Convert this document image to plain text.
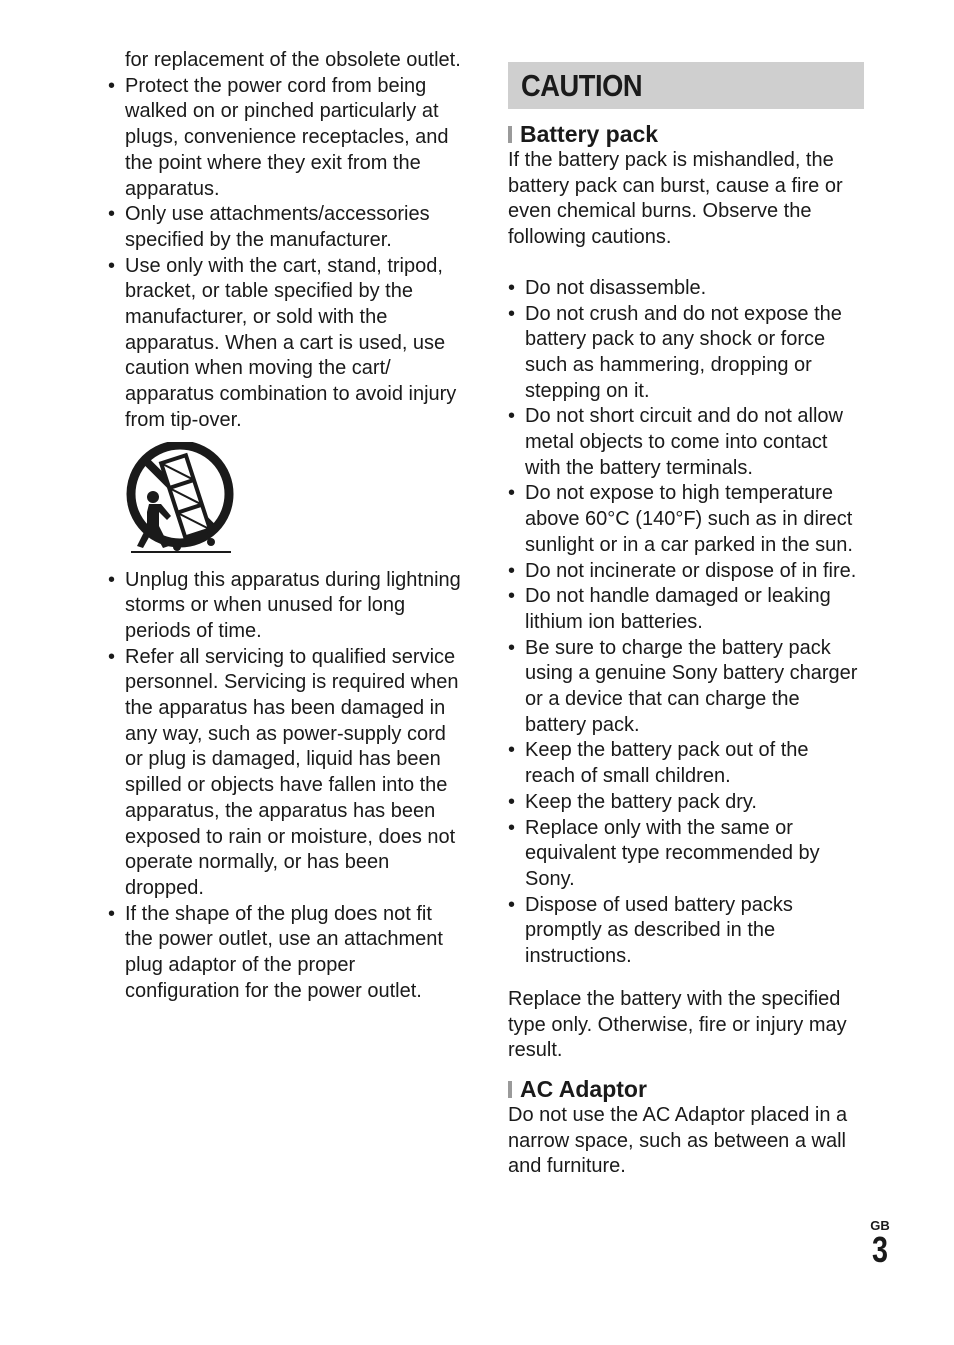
for replacement of the obsolete outlet.
• Protect the power cord from being walked on or pinched particularly at plugs, convenience receptacles, and the point where they exit from the apparatus.
• Only use attachments/accessories specified by the manufacturer.
• Use only with the cart, stand, tripod, bracket, or table specified by the manufacturer, or sold with the apparatus. When a cart is used, use caution when moving the cart/ apparatus combination to avoid injury from tip-over.
• Unplug this apparatus during lightning storms or when unused for long periods of time.
• Refer all servicing to qualified service personnel. Servicing is required when the apparatus has been damaged in any way, such as power-supply cord or plug is damaged, liquid has been spilled or objects have fallen into the apparatus, the apparatus has been exposed to rain or moisture, does not operate normally, or has been dropped.
• If the shape of the plug does not fit the power outlet, use an attachment plug adaptor of the proper configuration for the power outlet.
CAUTION
Battery pack
If the battery pack is mishandled, the battery pack can burst, cause a fire or even chemical burns. Observe the following cautions.
• Do not disassemble.
• Do not crush and do not expose the battery pack to any shock or force such as hammering, dropping or stepping on it.
• Do not short circuit and do not allow metal objects to come into contact with the battery terminals.
• Do not expose to high temperature above 60°C (140°F) such as in direct sunlight or in a car parked in the sun.
• Do not incinerate or dispose of in fire.
• Do not handle damaged or leaking lithium ion batteries.
• Be sure to charge the battery pack using a genuine Sony battery charger or a device that can charge the battery pack.
• Keep the battery pack out of the reach of small children.
• Keep the battery pack dry.
• Replace only with the same or equivalent type recommended by Sony.
• Dispose of used battery packs promptly as described in the instructions.
Replace the battery with the specified type only. Otherwise, fire or injury may result.
AC Adaptor
Do not use the AC Adaptor placed in a narrow space, such as between a wall and furniture.
GB
3
